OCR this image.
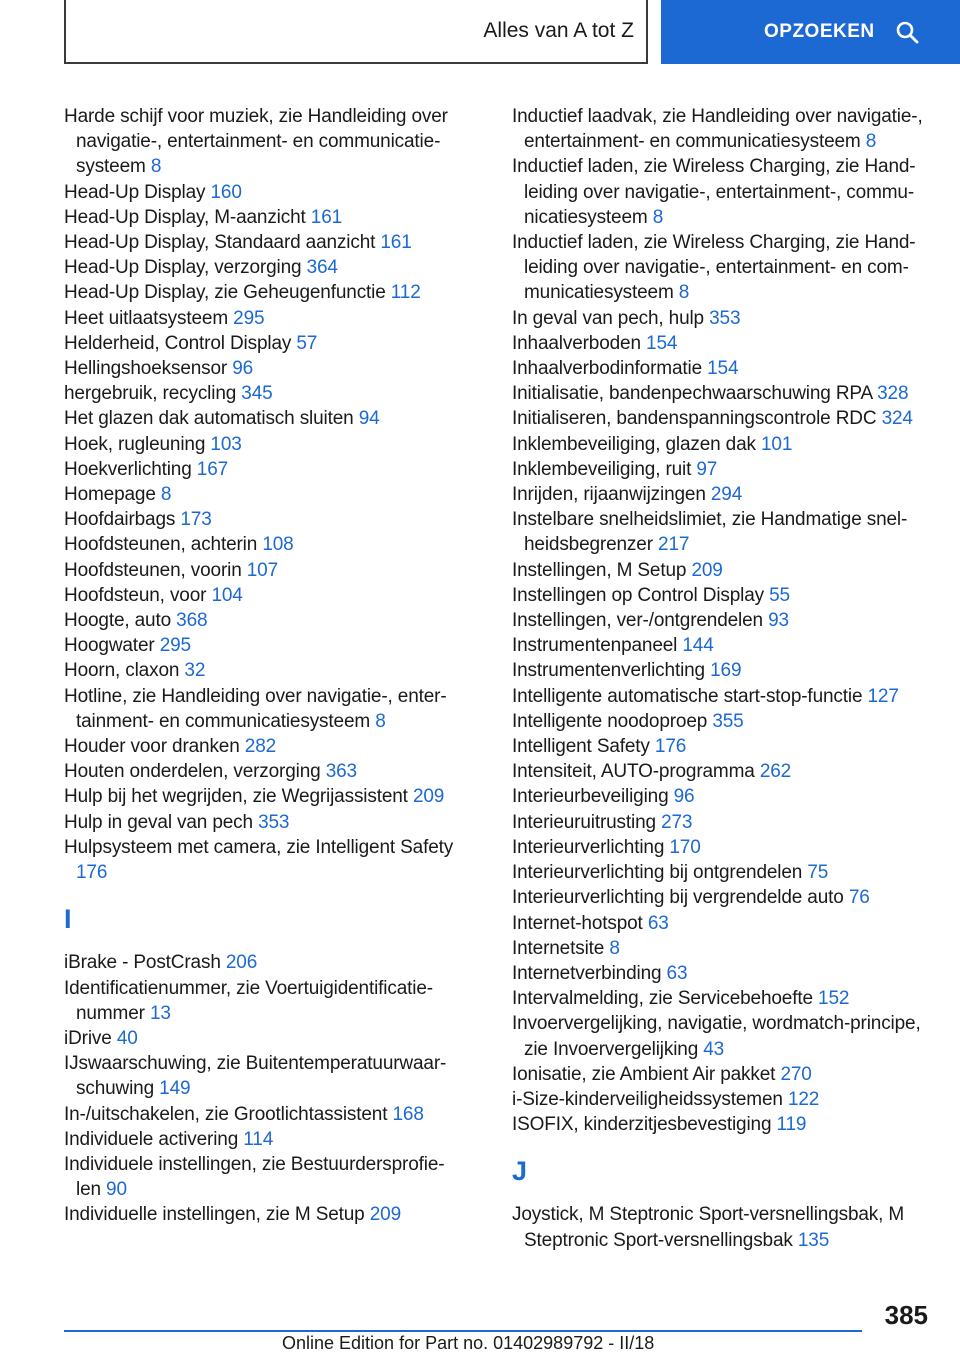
Alles van A tot Z	OPZOEKEN
Harde schijf voor muziek, zie Handleiding over navigatie-, entertainment- en communicatiesysteem 8
Head-Up Display 160
Head-Up Display, M-aanzicht 161
Head-Up Display, Standaard aanzicht 161
Head-Up Display, verzorging 364
Head-Up Display, zie Geheugenfunctie 112
Heet uitlaatsysteem 295
Helderheid, Control Display 57
Hellingshoeksensor 96
hergebruik, recycling 345
Het glazen dak automatisch sluiten 94
Hoek, rugleuning 103
Hoekverlichting 167
Homepage 8
Hoofdairbags 173
Hoofdsteunen, achterin 108
Hoofdsteunen, voorin 107
Hoofdsteun, voor 104
Hoogte, auto 368
Hoogwater 295
Hoorn, claxon 32
Hotline, zie Handleiding over navigatie-, entertainment- en communicatiesysteem 8
Houder voor dranken 282
Houten onderdelen, verzorging 363
Hulp bij het wegrijden, zie Wegrijassistent 209
Hulp in geval van pech 353
Hulpsysteem met camera, zie Intelligent Safety 176
I
iBrake - PostCrash 206
Identificatienummer, zie Voertuigidentificatienummer 13
iDrive 40
IJswaarschuwing, zie Buitentemperatuurwaarschuwing 149
In-/uitschakelen, zie Grootlichtassistent 168
Individuele activering 114
Individuele instellingen, zie Bestuurdersprofielen 90
Individuelle instellingen, zie M Setup 209
Inductief laadvak, zie Handleiding over navigatie-, entertainment- en communicatiesysteem 8
Inductief laden, zie Wireless Charging, zie Handleiding over navigatie-, entertainment-, communicatiesysteem 8
Inductief laden, zie Wireless Charging, zie Handleiding over navigatie-, entertainment- en communicatiesysteem 8
In geval van pech, hulp 353
Inhaalverboden 154
Inhaalverbodinformatie 154
Initialisatie, bandenpechwaarschuwing RPA 328
Initialiseren, bandenspanningscontrole RDC 324
Inklembeveiliging, glazen dak 101
Inklembeveiliging, ruit 97
Inrijden, rijaanwijzingen 294
Instelbare snelheidslimiet, zie Handmatige snelheidsbegrenzer 217
Instellingen, M Setup 209
Instellingen op Control Display 55
Instellingen, ver-/ontgrendelen 93
Instrumentenpaneel 144
Instrumentenverlichting 169
Intelligente automatische start-stop-functie 127
Intelligente noodoproep 355
Intelligent Safety 176
Intensiteit, AUTO-programma 262
Interieurbeveiliging 96
Interieuruitrusting 273
Interieurverlichting 170
Interieurverlichting bij ontgrendelen 75
Interieurverlichting bij vergrendelde auto 76
Internet-hotspot 63
Internetsite 8
Internetverbinding 63
Intervalmelding, zie Servicebehoefte 152
Invoervergelijking, navigatie, wordmatch-principe, zie Invoervergelijking 43
Ionisatie, zie Ambient Air pakket 270
i-Size-kinderveiligheidssystemen 122
ISOFIX, kinderzitjesbevestiging 119
J
Joystick, M Steptronic Sport-versnellingsbak, M Steptronic Sport-versnellingsbak 135
385
Online Edition for Part no. 01402989792 - II/18
